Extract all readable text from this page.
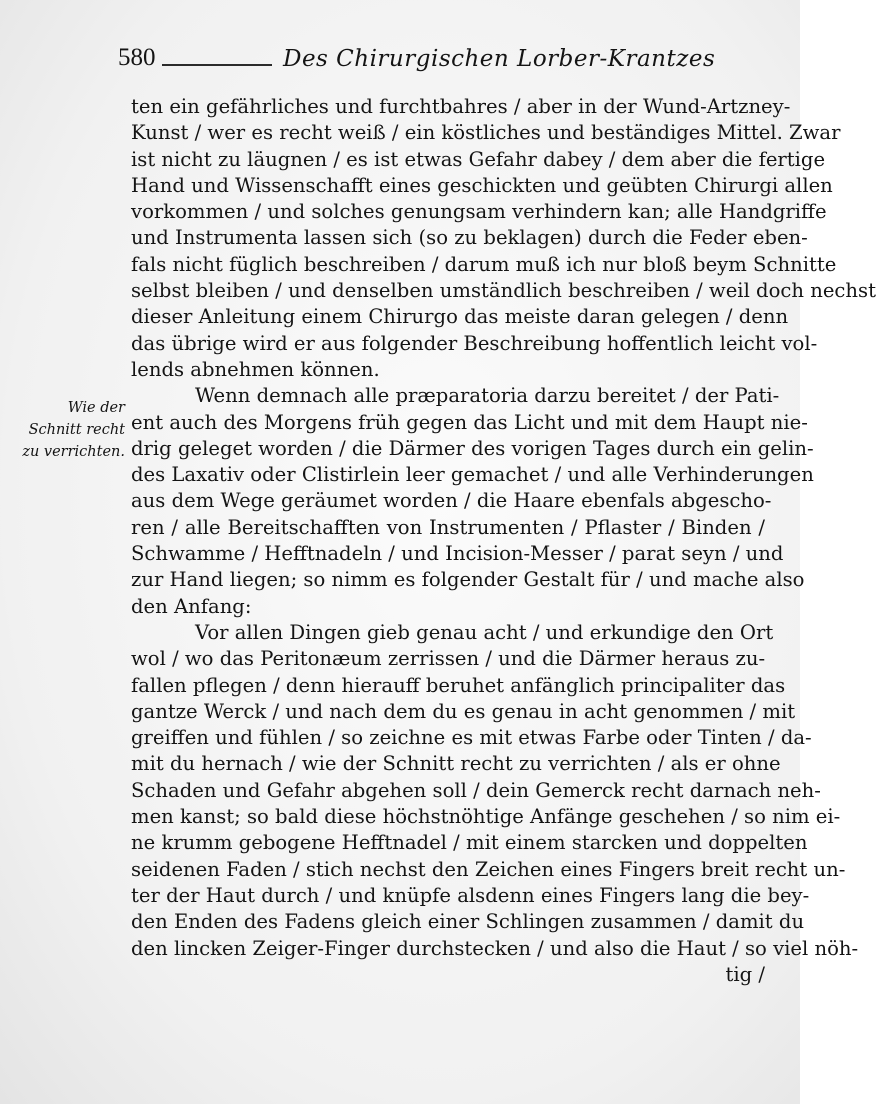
580	Des Chirurgischen Lorber-Krantzes
Wie der
Schnitt recht
zu verrichten.
ten ein gefährliches und furchtbahres / aber in der Wund-Artzney-
Kunst / wer es recht weiß / ein köstliches und beständiges Mittel. Zwar
ist nicht zu läugnen / es ist etwas Gefahr dabey / dem aber die fertige
Hand und Wissenschafft eines geschickten und geübten Chirurgi allen
vorkommen / und solches genungsam verhindern kan; alle Handgriffe
und Instrumenta lassen sich (so zu beklagen) durch die Feder eben-
fals nicht füglich beschreiben / darum muß ich nur bloß beym Schnitte
selbst bleiben / und denselben umständlich beschreiben / weil doch nechst
dieser Anleitung einem Chirurgo das meiste daran gelegen / denn
das übrige wird er aus folgender Beschreibung hoffentlich leicht vol-
lends abnehmen können.
Wenn demnach alle præparatoria darzu bereitet / der Pati-
ent auch des Morgens früh gegen das Licht und mit dem Haupt nie-
drig geleget worden / die Därmer des vorigen Tages durch ein gelin-
des Laxativ oder Clistirlein leer gemachet / und alle Verhinderungen
aus dem Wege geräumet worden / die Haare ebenfals abgescho-
ren / alle Bereitschafften von Instrumenten / Pflaster / Binden /
Schwamme / Hefftnadeln / und Incision-Messer / parat seyn / und
zur Hand liegen; so nimm es folgender Gestalt für / und mache also
den Anfang:
Vor allen Dingen gieb genau acht / und erkundige den Ort
wol / wo das Peritonæum zerrissen / und die Därmer heraus zu-
fallen pflegen / denn hierauff beruhet anfänglich principaliter das
gantze Werck / und nach dem du es genau in acht genommen / mit
greiffen und fühlen / so zeichne es mit etwas Farbe oder Tinten / da-
mit du hernach / wie der Schnitt recht zu verrichten / als er ohne
Schaden und Gefahr abgehen soll / dein Gemerck recht darnach neh-
men kanst; so bald diese höchstnöhtige Anfänge geschehen / so nim ei-
ne krumm gebogene Hefftnadel / mit einem starcken und doppelten
seidenen Faden / stich nechst den Zeichen eines Fingers breit recht un-
ter der Haut durch / und knüpfe alsdenn eines Fingers lang die bey-
den Enden des Fadens gleich einer Schlingen zusammen / damit du
den lincken Zeiger-Finger durchstecken / und also die Haut / so viel nöh-
tig /
